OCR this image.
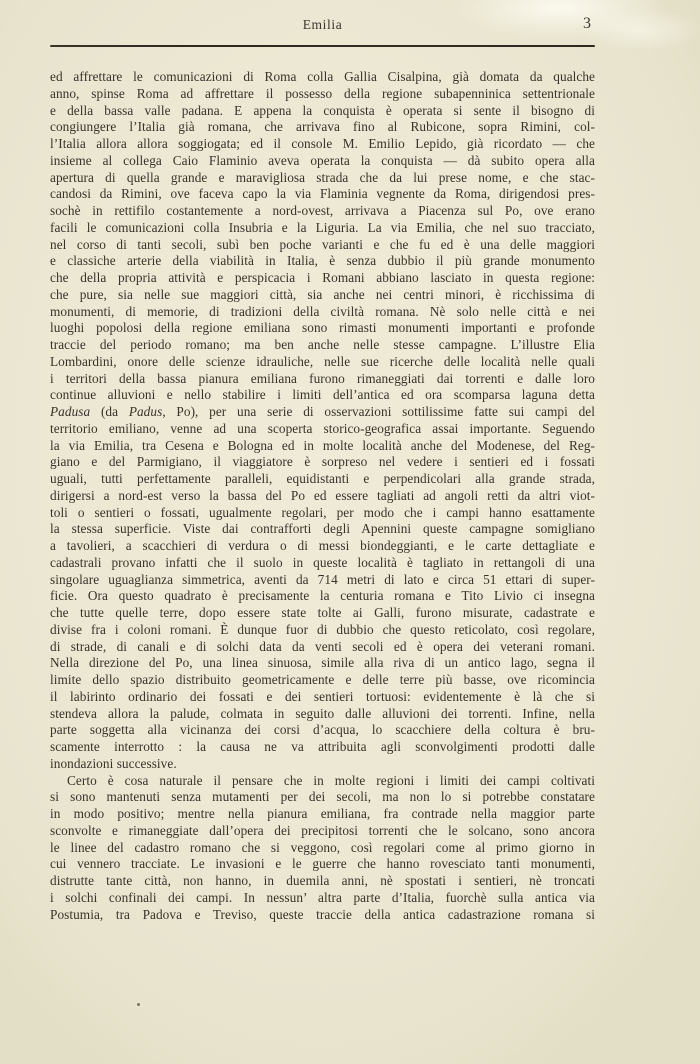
Emilia	3
ed affrettare le comunicazioni di Roma colla Gallia Cisalpina, già domata da qualche
anno, spinse Roma ad affrettare il possesso della regione subapenninica settentrionale
e della bassa valle padana. E appena la conquista è operata si sente il bisogno di
congiungere l’Italia già romana, che arrivava fino al Rubicone, sopra Rimini, col-
l’Italia allora allora soggiogata; ed il console M. Emilio Lepido, già ricordato — che
insieme al collega Caio Flaminio aveva operata la conquista — dà subito opera alla
apertura di quella grande e maravigliosa strada che da lui prese nome, e che stac-
candosi da Rimini, ove faceva capo la via Flaminia vegnente da Roma, dirigendosi pres-
sochè in rettifilo costantemente a nord-ovest, arrivava a Piacenza sul Po, ove erano
facili le comunicazioni colla Insubria e la Liguria. La via Emilia, che nel suo tracciato,
nel corso di tanti secoli, subì ben poche varianti e che fu ed è una delle maggiori
e classiche arterie della viabilità in Italia, è senza dubbio il più grande monumento
che della propria attività e perspicacia i Romani abbiano lasciato in questa regione:
che pure, sia nelle sue maggiori città, sia anche nei centri minori, è ricchissima di
monumenti, di memorie, di tradizioni della civiltà romana. Nè solo nelle città e nei
luoghi popolosi della regione emiliana sono rimasti monumenti importanti e profonde
traccie del periodo romano; ma ben anche nelle stesse campagne. L’illustre Elia
Lombardini, onore delle scienze idrauliche, nelle sue ricerche delle località nelle quali
i territori della bassa pianura emiliana furono rimaneggiati dai torrenti e dalle loro
continue alluvioni e nello stabilire i limiti dell’antica ed ora scomparsa laguna detta
Padusa (da Padus, Po), per una serie di osservazioni sottilissime fatte sui campi del
territorio emiliano, venne ad una scoperta storico-geografica assai importante. Seguendo
la via Emilia, tra Cesena e Bologna ed in molte località anche del Modenese, del Reg-
giano e del Parmigiano, il viaggiatore è sorpreso nel vedere i sentieri ed i fossati
uguali, tutti perfettamente paralleli, equidistanti e perpendicolari alla grande strada,
dirigersi a nord-est verso la bassa del Po ed essere tagliati ad angoli retti da altri viot-
toli o sentieri o fossati, ugualmente regolari, per modo che i campi hanno esattamente
la stessa superficie. Viste dai contrafforti degli Apennini queste campagne somigliano
a tavolieri, a scacchieri di verdura o di messi biondeggianti, e le carte dettagliate e
cadastrali provano infatti che il suolo in queste località è tagliato in rettangoli di una
singolare uguaglianza simmetrica, aventi da 714 metri di lato e circa 51 ettari di super-
ficie. Ora questo quadrato è precisamente la centuria romana e Tito Livio ci insegna
che tutte quelle terre, dopo essere state tolte ai Galli, furono misurate, cadastrate e
divise fra i coloni romani. È dunque fuor di dubbio che questo reticolato, così regolare,
di strade, di canali e di solchi data da venti secoli ed è opera dei veterani romani.
Nella direzione del Po, una linea sinuosa, simile alla riva di un antico lago, segna il
limite dello spazio distribuito geometricamente e delle terre più basse, ove ricomincia
il labirinto ordinario dei fossati e dei sentieri tortuosi: evidentemente è là che si
stendeva allora la palude, colmata in seguito dalle alluvioni dei torrenti. Infine, nella
parte soggetta alla vicinanza dei corsi d’acqua, lo scacchiere della coltura è bru-
scamente interrotto : la causa ne va attribuita agli sconvolgimenti prodotti dalle
inondazioni successive.
Certo è cosa naturale il pensare che in molte regioni i limiti dei campi coltivati
si sono mantenuti senza mutamenti per dei secoli, ma non lo si potrebbe constatare
in modo positivo; mentre nella pianura emiliana, fra contrade nella maggior parte
sconvolte e rimaneggiate dall’opera dei precipitosi torrenti che le solcano, sono ancora
le linee del cadastro romano che si veggono, così regolari come al primo giorno in
cui vennero tracciate. Le invasioni e le guerre che hanno rovesciato tanti monumenti,
distrutte tante città, non hanno, in duemila anni, nè spostati i sentieri, nè troncati
i solchi confinali dei campi. In nessun’ altra parte d’Italia, fuorchè sulla antica via
Postumia, tra Padova e Treviso, queste traccie della antica cadastrazione romana si
